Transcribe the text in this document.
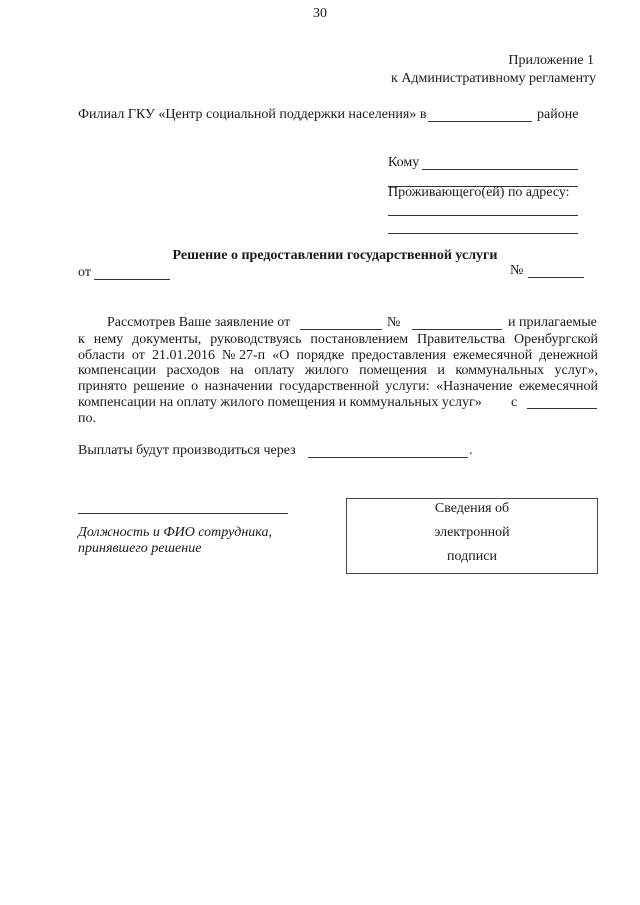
30
Приложение 1
к Административному регламенту
Филиал ГКУ «Центр социальной поддержки населения» в	районе
Кому
Проживающего(ей) по адресу:
Решение о предоставлении государственной услуги
от	№
Рассмотрев Ваше заявление от	№	и прилагаемые
к нему документы, руководствуясь постановлением Правительства Оренбургской
области от 21.01.2016 №27-п «О порядке предоставления ежемесячной денежной
компенсации расходов на оплату жилого помещения и коммунальных услуг»,
принято решение о назначении государственной услуги: «Назначение ежемесячной
компенсации на оплату жилого помещения и коммунальных услуг» с
по.
Выплаты будут производиться через	.
Должность и ФИО сотрудника,
принявшего решение
Сведения об
электронной
подписи
